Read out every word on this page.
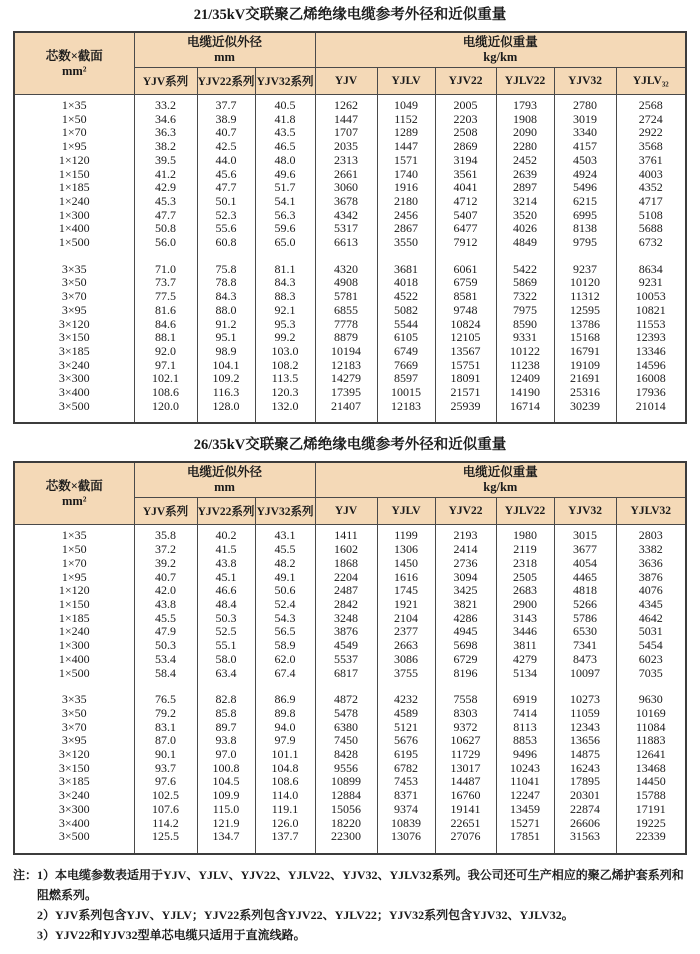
21/35kV交联聚乙烯绝缘电缆参考外径和近似重量
芯数×截面
mm²	电缆近似外径
mm			电缆近似重量
kg/km					
	YJV系列	YJV22系列	YJV32系列	YJV	YJLV	YJV22	YJLV22	YJV32	YJLV₃₂

1×35	33.2	37.7	40.5	1262	1049	2005	1793	2780	2568
1×50	34.6	38.9	41.8	1447	1152	2203	1908	3019	2724
1×70	36.3	40.7	43.5	1707	1289	2508	2090	3340	2922
1×95	38.2	42.5	46.5	2035	1447	2869	2280	4157	3568
1×120	39.5	44.0	48.0	2313	1571	3194	2452	4503	3761
1×150	41.2	45.6	49.6	2661	1740	3561	2639	4924	4003
1×185	42.9	47.7	51.7	3060	1916	4041	2897	5496	4352
1×240	45.3	50.1	54.1	3678	2180	4712	3214	6215	4717
1×300	47.7	52.3	56.3	4342	2456	5407	3520	6995	5108
1×400	50.8	55.6	59.6	5317	2867	6477	4026	8138	5688
1×500	56.0	60.8	65.0	6613	3550	7912	4849	9795	6732

3×35	71.0	75.8	81.1	4320	3681	6061	5422	9237	8634
3×50	73.7	78.8	84.3	4908	4018	6759	5869	10120	9231
3×70	77.5	84.3	88.3	5781	4522	8581	7322	11312	10053
3×95	81.6	88.0	92.1	6855	5082	9748	7975	12595	10821
3×120	84.6	91.2	95.3	7778	5544	10824	8590	13786	11553
3×150	88.1	95.1	99.2	8879	6105	12105	9331	15168	12393
3×185	92.0	98.9	103.0	10194	6749	13567	10122	16791	13346
3×240	97.1	104.1	108.2	12183	7669	15751	11238	19109	14596
3×300	102.1	109.2	113.5	14279	8597	18091	12409	21691	16008
3×400	108.6	116.3	120.3	17395	10015	21571	14190	25316	17936
3×500	120.0	128.0	132.0	21407	12183	25939	16714	30239	21014

26/35kV交联聚乙烯绝缘电缆参考外径和近似重量
芯数×截面
mm²	电缆近似外径
mm			电缆近似重量
kg/km					
	YJV系列	YJV22系列	YJV32系列	YJV	YJLV	YJV22	YJLV22	YJV32	YJLV32

1×35	35.8	40.2	43.1	1411	1199	2193	1980	3015	2803
1×50	37.2	41.5	45.5	1602	1306	2414	2119	3677	3382
1×70	39.2	43.8	48.2	1868	1450	2736	2318	4054	3636
1×95	40.7	45.1	49.1	2204	1616	3094	2505	4465	3876
1×120	42.0	46.6	50.6	2487	1745	3425	2683	4818	4076
1×150	43.8	48.4	52.4	2842	1921	3821	2900	5266	4345
1×185	45.5	50.3	54.3	3248	2104	4286	3143	5786	4642
1×240	47.9	52.5	56.5	3876	2377	4945	3446	6530	5031
1×300	50.3	55.1	58.9	4549	2663	5698	3811	7341	5454
1×400	53.4	58.0	62.0	5537	3086	6729	4279	8473	6023
1×500	58.4	63.4	67.4	6817	3755	8196	5134	10097	7035

3×35	76.5	82.8	86.9	4872	4232	7558	6919	10273	9630
3×50	79.2	85.8	89.8	5478	4589	8303	7414	11059	10169
3×70	83.1	89.7	94.0	6380	5121	9372	8113	12343	11084
3×95	87.0	93.8	97.9	7450	5676	10627	8853	13656	11883
3×120	90.1	97.0	101.1	8428	6195	11729	9496	14875	12641
3×150	93.7	100.8	104.8	9556	6782	13017	10243	16243	13468
3×185	97.6	104.5	108.6	10899	7453	14487	11041	17895	14450
3×240	102.5	109.9	114.0	12884	8371	16760	12247	20301	15788
3×300	107.6	115.0	119.1	15056	9374	19141	13459	22874	17191
3×400	114.2	121.9	126.0	18220	10839	22651	15271	26606	19225
3×500	125.5	134.7	137.7	22300	13076	27076	17851	31563	22339

注： 1）本电缆参数表适用于YJV、YJLV、YJV22、YJLV22、YJV32、YJLV32系列。我公司还可生产相应的聚乙烯护套系列和阻燃系列。
2）YJV系列包含YJV、YJLV；YJV22系列包含YJV22、YJLV22；YJV32系列包含YJV32、YJLV32。
3）YJV22和YJV32型单芯电缆只适用于直流线路。
